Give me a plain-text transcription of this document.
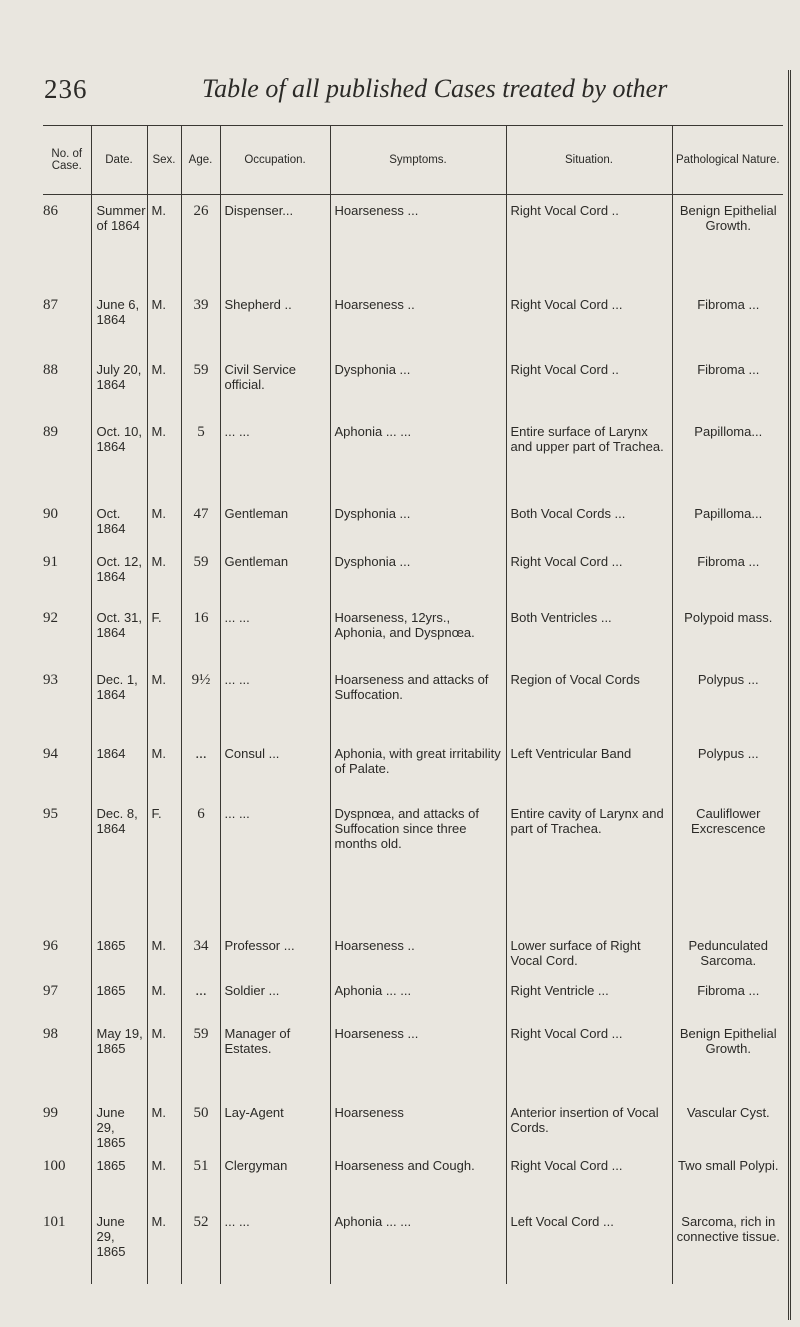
236	Table of all published Cases treated by other
No. of Case.	Date.	Sex.	Age.	Occupation.	Symptoms.	Situation.	Pathological Nature.
86	Summer of 1864	M.	26	Dispenser...	Hoarseness ...	Right Vocal Cord ..	Benign Epithelial Growth.
87	June 6, 1864	M.	39	Shepherd ..	Hoarseness ..	Right Vocal Cord ...	Fibroma ...
88	July 20, 1864	M.	59	Civil Service official.	Dysphonia ...	Right Vocal Cord ..	Fibroma ...
89	Oct. 10, 1864	M.	5	... ...	Aphonia ... ...	Entire surface of Larynx and upper part of Trachea.	Papilloma...
90	Oct. 1864	M.	47	Gentleman	Dysphonia ...	Both Vocal Cords ...	Papilloma...
91	Oct. 12, 1864	M.	59	Gentleman	Dysphonia ...	Right Vocal Cord ...	Fibroma ...
92	Oct. 31, 1864	F.	16	... ...	Hoarseness, 12yrs., Aphonia, and Dyspnœa.	Both Ventricles ...	Polypoid mass.
93	Dec. 1, 1864	M.	9½	... ...	Hoarseness and attacks of Suffocation.	Region of Vocal Cords	Polypus ...
94	1864	M.	...	Consul ...	Aphonia, with great irritability of Palate.	Left Ventricular Band	Polypus ...
95	Dec. 8, 1864	F.	6	... ...	Dyspnœa, and attacks of Suffocation since three months old.	Entire cavity of Larynx and part of Trachea.	Cauliflower Excrescence
96	1865	M.	34	Professor ...	Hoarseness ..	Lower surface of Right Vocal Cord.	Pedunculated Sarcoma.
97	1865	M.	...	Soldier ...	Aphonia ... ...	Right Ventricle ...	Fibroma ...
98	May 19, 1865	M.	59	Manager of Estates.	Hoarseness ...	Right Vocal Cord ...	Benign Epithelial Growth.
99	June 29, 1865	M.	50	Lay-Agent	Hoarseness	Anterior insertion of Vocal Cords.	Vascular Cyst.
100	1865	M.	51	Clergyman	Hoarseness and Cough.	Right Vocal Cord ...	Two small Polypi.
101	June 29, 1865	M.	52	... ...	Aphonia ... ...	Left Vocal Cord ...	Sarcoma, rich in connective tissue.
